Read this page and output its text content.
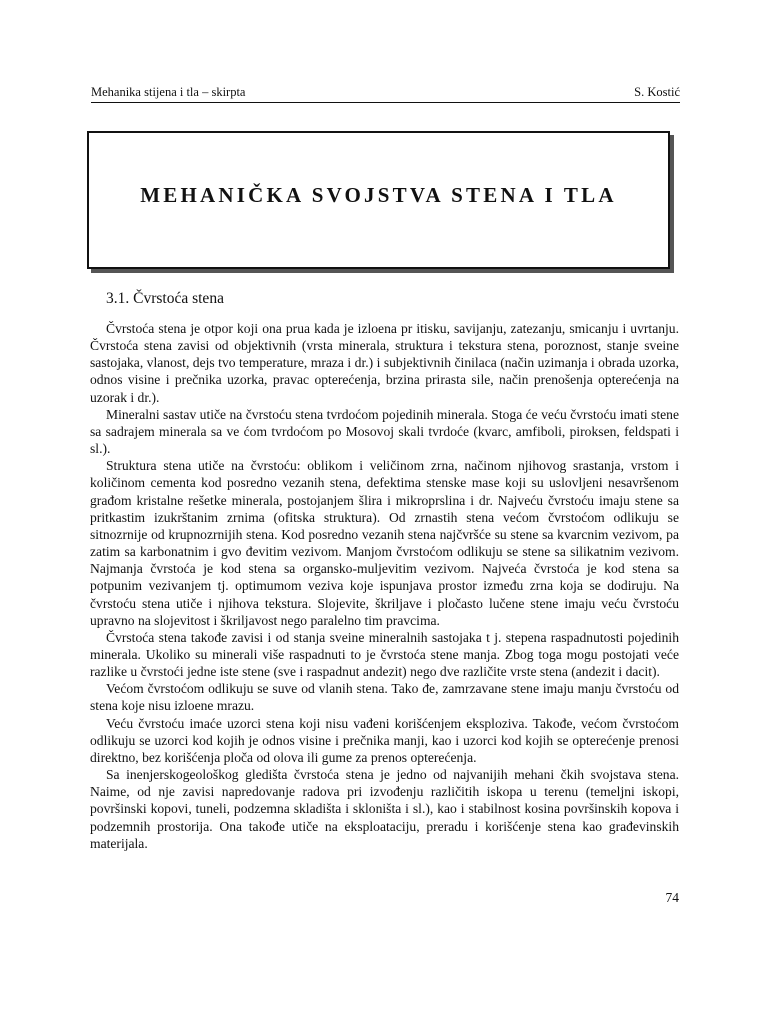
Mehanika stijena i tla – skirpta	S. Kostić
MEHANIČKA SVOJSTVA STENA I TLA
3.1. Čvrstoća stena

Čvrstoća stena je otpor koji ona prua kada je izloena pr itisku, savijanju, zatezanju, smicanju i uvrtanju. Čvrstoća stena zavisi od objektivnih (vrsta minerala, struktura i tekstura stena, poroznost, stanje sveine sastojaka, vlanost, dejs tvo temperature, mraza i dr.) i subjektivnih činilaca (način uzimanja i obrada uzorka, odnos visine i prečnika uzorka, pravac opterećenja, brzina prirasta sile, način prenošenja opterećenja na uzorak i dr.).

Mineralni sastav utiče na čvrstoću stena tvrdoćom pojedinih minerala. Stoga će veću čvrstoću imati stene sa sadrajem minerala sa ve ćom tvrdoćom po Mosovoj skali tvrdoće (kvarc, amfiboli, piroksen, feldspati i sl.).

Struktura stena utiče na čvrstoću: oblikom i veličinom zrna, načinom njihovog srastanja, vrstom i količinom cementa kod posredno vezanih stena, defektima stenske mase koji su uslovljeni nesavršenom građom kristalne rešetke minerala, postojanjem šlira i mikroprslina i dr. Najveću čvrstoću imaju stene sa pritkastim izukrštanim zrnima (ofitska struktura). Od zrnastih stena većom čvrstoćom odlikuju se sitnozrnije od krupnozrnijih stena. Kod posredno vezanih stena najčvršće su stene sa kvarcnim vezivom, pa zatim sa karbonatnim i gvo đevitim vezivom. Manjom čvrstoćom odlikuju se stene sa silikatnim vezivom. Najmanja čvrstoća je kod stena sa organsko-muljevitim vezivom. Najveća čvrstoća je kod stena sa potpunim vezivanjem tj. optimumom veziva koje ispunjava prostor između zrna koja se dodiruju. Na čvrstoću stena utiče i njihova tekstura. Slojevite, škriljave i pločasto lučene stene imaju veću čvrstoću upravno na slojevitost i škriljavost nego paralelno tim pravcima.

Čvrstoća stena takođe zavisi i od stanja sveine mineralnih sastojaka t j. stepena raspadnutosti pojedinih minerala. Ukoliko su minerali više raspadnuti to je čvrstoća stene manja. Zbog toga mogu postojati veće razlike u čvrstoći jedne iste stene (sve i raspadnut andezit) nego dve različite vrste stena (andezit i dacit).

Većom čvrstoćom odlikuju se suve od vlanih stena. Tako đe, zamrzavane stene imaju manju čvrstoću od stena koje nisu izloene mrazu.

Veću čvrstoću imaće uzorci stena koji nisu vađeni korišćenjem eksploziva. Takođe, većom čvrstoćom odlikuju se uzorci kod kojih je odnos visine i prečnika manji, kao i uzorci kod kojih se opterećenje prenosi direktno, bez korišćenja ploča od olova ili gume za prenos opterećenja.

Sa inenjerskogeološkog gledišta čvrstoća stena je jedno od najvanijih mehani čkih svojstava stena. Naime, od nje zavisi napredovanje radova pri izvođenju različitih iskopa u terenu (temeljni iskopi, površinski kopovi, tuneli, podzemna skladišta i skloništa i sl.), kao i stabilnost kosina površinskih kopova i podzemnih prostorija. Ona takođe utiče na eksploataciju, preradu i korišćenje stena kao građevinskih materijala.

74
